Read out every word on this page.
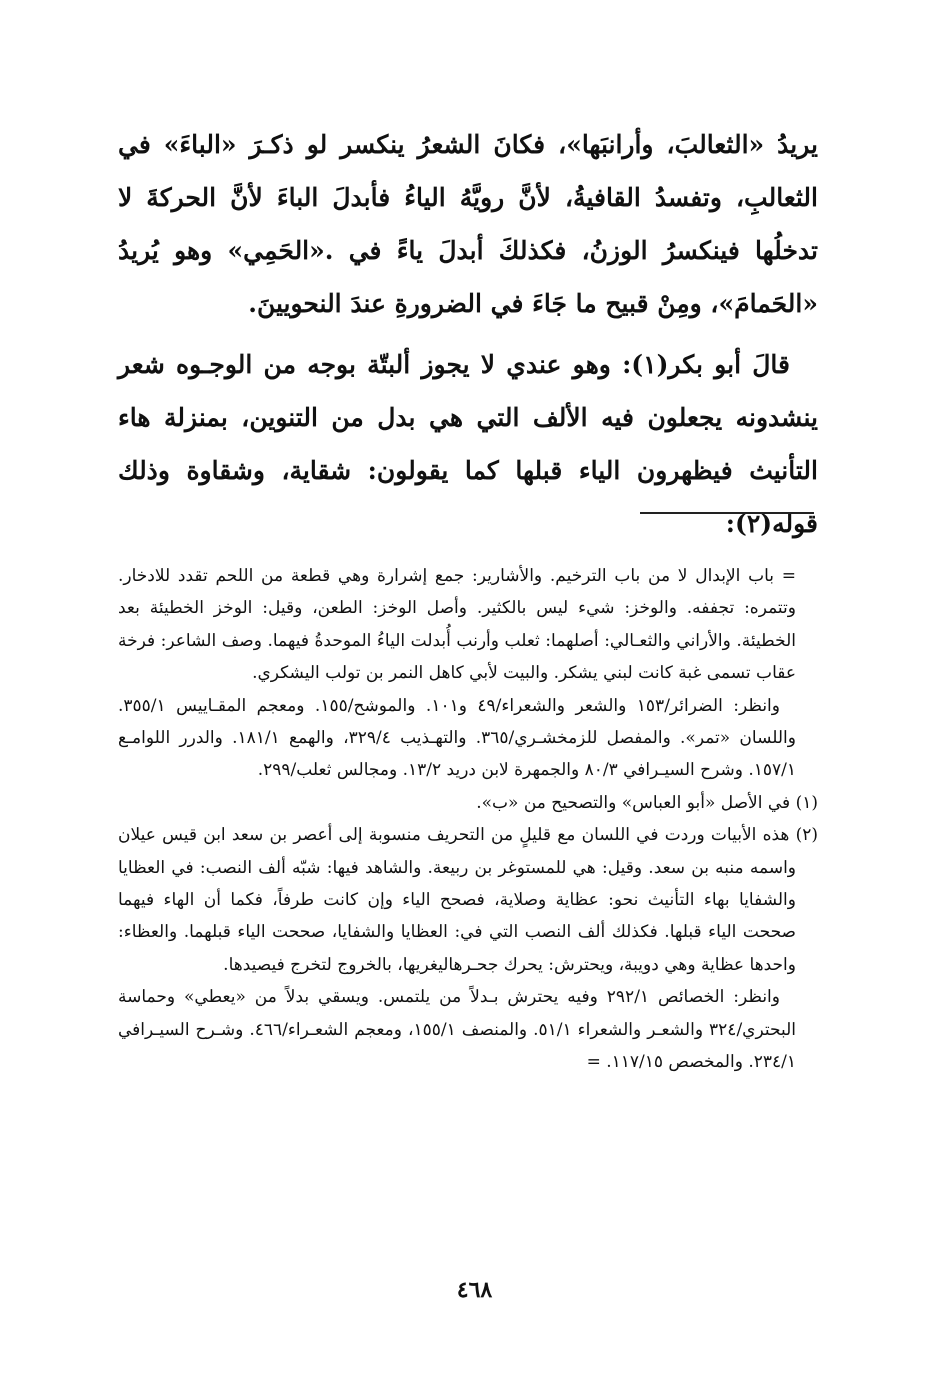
يريدُ «الثعالبَ، وأرانبَها»، فكانَ الشعرُ ينكسر لو ذكـرَ «الباءَ» في الثعالبِ، وتفسدُ القافيةُ، لأنَّ رويَّهُ الياءُ فأبدلَ الباءَ لأنَّ الحركةَ لا تدخلُها فينكسرُ الوزنُ، فكذلكَ أبدلَ ياءً في .«الحَمِي» وهو يُريدُ «الحَمامَ»، ومِنْ قبيح ما جَاءَ في الضرورةِ عندَ النحويينَ.

قالَ أبو بكر(١): وهو عندي لا يجوز ألبتّة بوجه من الوجـوه شعر ينشدونه يجعلون فيه الألف التي هي بدل من التنوين، بمنزلة هاء التأنيث فيظهرون الياء قبلها كما يقولون: شقاية، وشقاوة وذلك قوله(٢):

= باب الإبدال لا من باب الترخيم. والأشارير: جمع إشرارة وهي قطعة من اللحم تقدد للادخار. وتتمره: تجففه. والوخز: شيء ليس بالكثير. وأصل الوخز: الطعن، وقيل: الوخز الخطيئة بعد الخطيئة. والأراني والثعـالي: أصلهما: ثعلب وأرنب أُبدلت الياءُ الموحدةُ فيهما. وصف الشاعر: فرخة عقاب تسمى غبة كانت لبني يشكر. والبيت لأبي كاهل النمر بن تولب اليشكري.

وانظر: الضرائر/١٥٣ والشعر والشعراء/٤٩ و١٠١. والموشح/١٥٥. ومعجم المقـاييس ٣٥٥/١. واللسان «تمر». والمفصل للزمخشـري/٣٦٥. والتهـذيب ٣٢٩/٤، والهمع ١٨١/١. والدرر اللوامـع ١٥٧/١. وشرح السيـرافي ٨٠/٣ والجمهرة لابن دريد ١٣/٢. ومجالس ثعلب/٢٩٩.

(١) في الأصل «أبو العباس» والتصحيح من «ب».

(٢) هذه الأبيات وردت في اللسان مع قليلٍ من التحريف منسوبة إلى أعصر بن سعد ابن قيس عيلان واسمه منبه بن سعد. وقيل: هي للمستوغر بن ربيعة. والشاهد فيها: شبّه ألف النصب: في العظايا والشفايا بهاء التأنيث نحو: عظاية وصلاية، فصحح الياء وإن كانت طرفاً، فكما أن الهاء فيهما صححت الياء قبلها. فكذلك ألف النصب التي في: العظايا والشفايا، صححت الياء قبلهما. والعظاء: واحدها عظاية وهي دويبة، ويحترش: يحرك جحـرهاليغريها، بالخروج لتخرج فيصيدها.

وانظر: الخصائص ٢٩٢/١ وفيه يحترش بـدلاً من يلتمس. ويسقي بدلاً من «يعطي» وحماسة البحتري/٣٢٤ والشعـر والشعراء ٥١/١. والمنصف ١٥٥/١، ومعجم الشعـراء/٤٦٦. وشـرح السيـرافي ٢٣٤/١. والمخصص ١١٧/١٥. =

٤٦٨
